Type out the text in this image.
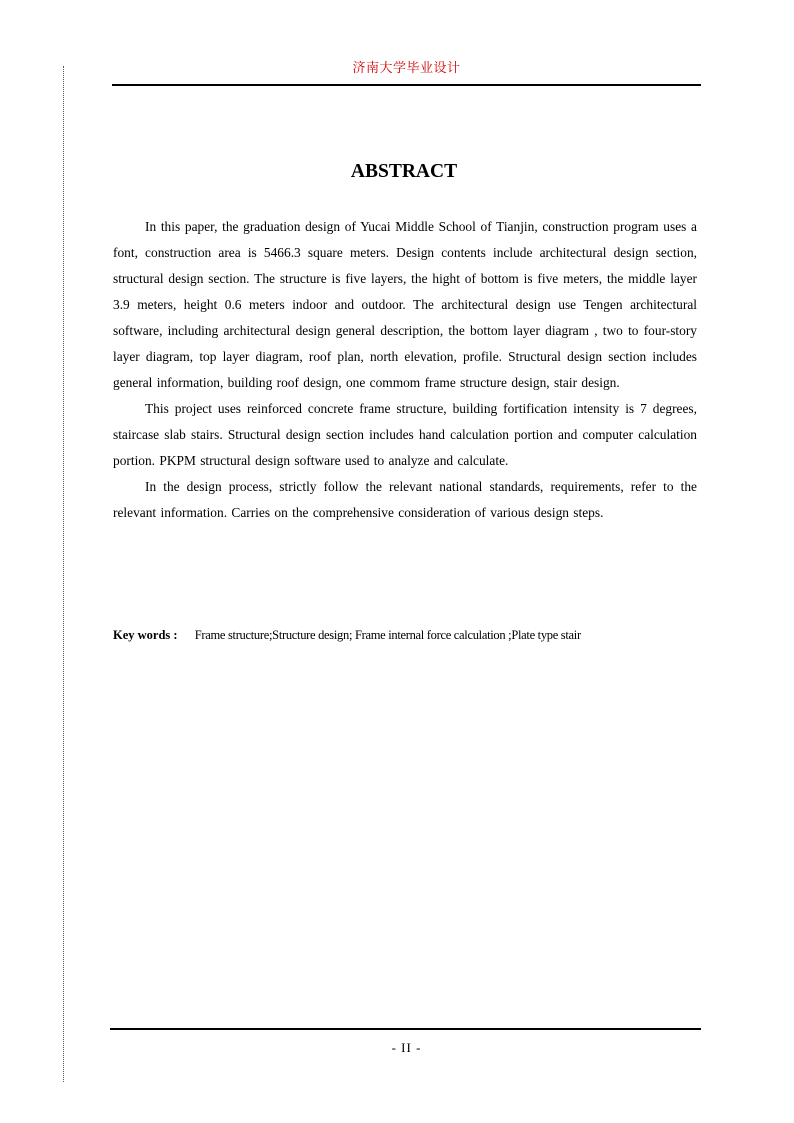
济南大学毕业设计
ABSTRACT

In this paper, the graduation design of Yucai Middle School of Tianjin, construction program uses a font, construction area is 5466.3 square meters. Design contents include architectural design section, structural design section. The structure is five layers, the hight of bottom is five meters, the middle layer 3.9 meters, height 0.6 meters indoor and outdoor. The architectural design use Tengen architectural software, including architectural design general description, the bottom layer diagram , two to four-story layer diagram, top layer diagram, roof plan, north elevation, profile. Structural design section includes general information, building roof design, one commom frame structure design, stair design.

This project uses reinforced concrete frame structure, building fortification intensity is 7 degrees, staircase slab stairs. Structural design section includes hand calculation portion and computer calculation portion. PKPM structural design software used to analyze and calculate.

In the design process, strictly follow the relevant national standards, requirements, refer to the relevant information. Carries on the comprehensive consideration of various design steps.

Key words : Frame structure;Structure design; Frame internal force calculation ;Plate type stair
- II -
